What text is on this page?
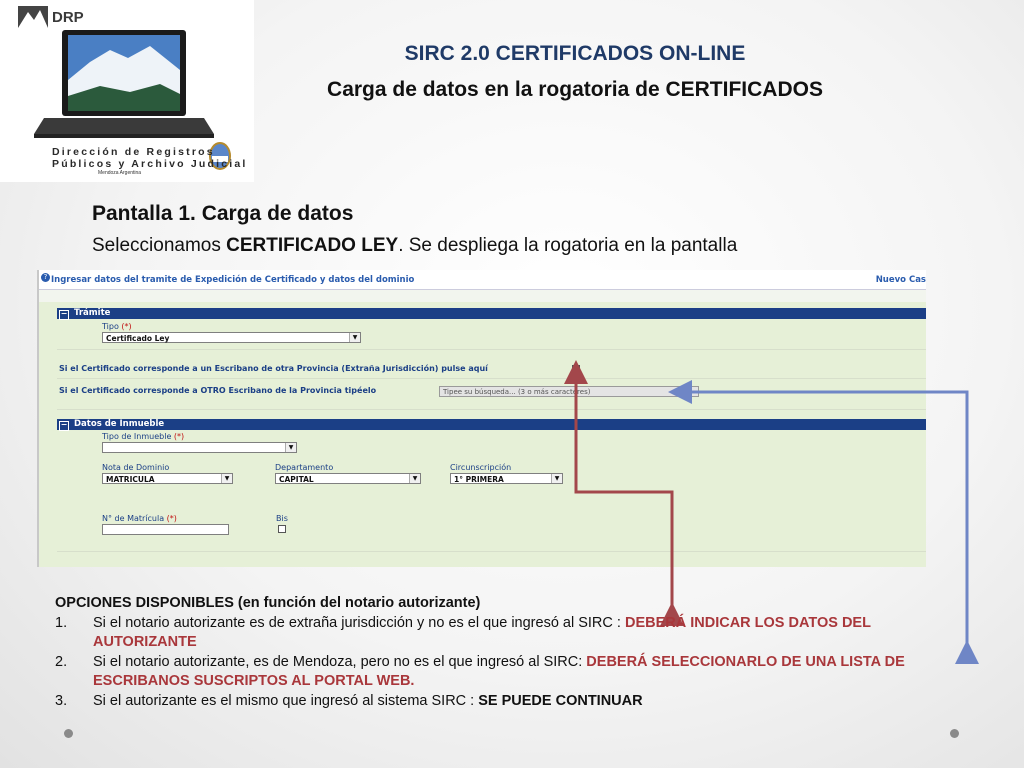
DRP
Dirección de Registros
Públicos y Archivo Judicial
Mendoza Argentina
SIRC 2.0 CERTIFICADOS ON-LINE
Carga de datos en la rogatoria de CERTIFICADOS
Pantalla 1. Carga de datos
Seleccionamos CERTIFICADO LEY. Se despliega la rogatoria en la pantalla
? Ingresar datos del tramite de Expedición de Certificado y datos del dominio	Nuevo Cas
− Trámite
Tipo (*)
Certificado Ley	▼
Si el Certificado corresponde a un Escribano de otra Provincia (Extraña Jurisdicción) pulse aquí
Si el Certificado corresponde a OTRO Escribano de la Provincia tipéelo	Tipee su búsqueda... (3 o más caracteres)
− Datos de Inmueble
Tipo de Inmueble (*)
▼
Nota de Dominio
MATRICULA	▼
Departamento
CAPITAL	▼
Circunscripción
1° PRIMERA	▼
N° de Matrícula (*)	Bis
OPCIONES DISPONIBLES (en función del notario autorizante)
1. Si el notario autorizante es de extraña jurisdicción y no es el que ingresó al SIRC : DEBERÁ INDICAR LOS DATOS DEL AUTORIZANTE
2. Si el notario autorizante, es de Mendoza, pero no es el que ingresó al SIRC: DEBERÁ SELECCIONARLO DE UNA LISTA DE ESCRIBANOS SUSCRIPTOS AL PORTAL WEB.
3. Si el autorizante es el mismo que ingresó al sistema SIRC : SE PUEDE CONTINUAR
